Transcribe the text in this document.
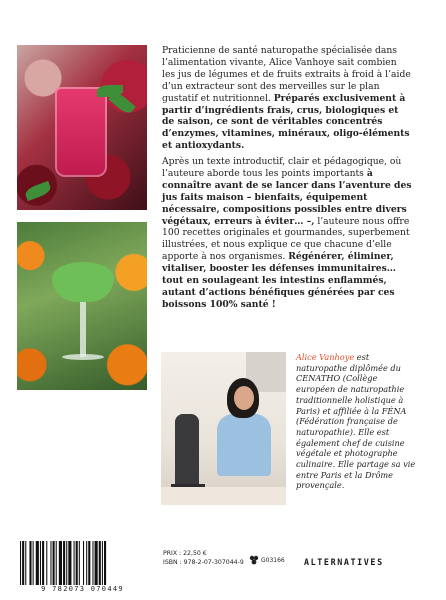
Praticienne de santé naturopathe spécialisée dans l’alimentation vivante, Alice Vanhoye sait combien les jus de légumes et de fruits extraits à froid à l’aide d’un extracteur sont des merveilles sur le plan gustatif et nutritionnel. Préparés exclusivement à partir d’ingrédients frais, crus, biologiques et de saison, ce sont de véritables concentrés d’enzymes, vitamines, minéraux, oligo-éléments et antioxydants.
Après un texte introductif, clair et pédagogique, où l’auteure aborde tous les points importants à connaître avant de se lancer dans l’aventure des jus faits maison – bienfaits, équipement nécessaire, compositions possibles entre divers végétaux, erreurs à éviter… –, l’auteure nous offre 100 recettes originales et gourmandes, superbement illustrées, et nous explique ce que chacune d’elle apporte à nos organismes. Régénérer, éliminer, vitaliser, booster les défenses immunitaires… tout en soulageant les intestins enflammés, autant d’actions bénéfiques générées par ces boissons 100% santé !
Alice Vanhoye est naturopathe diplômée du CENATHO (Collège européen de naturopathie traditionnelle holistique à Paris) et affiliée à la FÉNA (Fédération française de naturopathie). Elle est également chef de cuisine végétale et photographe culinaire. Elle partage sa vie entre Paris et la Drôme provençale.
9 782073 070449
PRIX : 22,50 €
ISBN : 978-2-07-307044-9	G03166 ALTERNATIVES
